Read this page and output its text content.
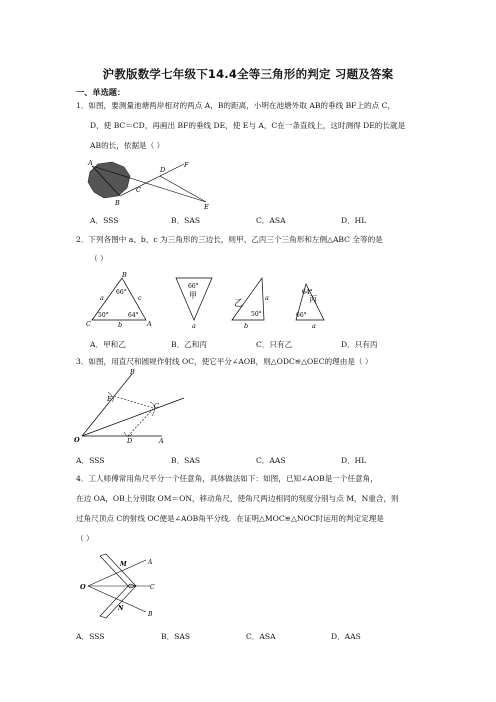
沪教版数学七年级下14.4全等三角形的判定 习题及答案
一、单选题：
1．如图，要测量池塘两岸相对的两点 A，B的距离，小明在池塘外取 AB的垂线 BF上的点 C，
D，使 BC＝CD，再画出 BF的垂线 DE，使 E与 A，C在一条直线上，这时测得 DE的长就是
AB的长，依据是（ ）
A
B
C
D
F
E
A．SSS	B．SAS	C．ASA	D．HL
2．下列各图中 a、b、c 为三角形的三边长，则甲、乙丙三个三角形和左侧△ABC 全等的是
（ ）
B
C	A
a	c
b
66°
50°	64°
66°
甲
a
乙
a
50°
b
64°
丙
66°
a
A．甲和乙	B．乙和丙	C．只有乙	D．只有丙
3．如图，用直尺和圆规作射线 OC，使它平分∠AOB，则△ODC≌△OEC的理由是（ ）
B
E
C
O	D	A
A．SSS	B．SAS	C．AAS	D．HL
4．工人师傅常用角尺平分一个任意角，具体做法如下：如图，已知∠AOB是一个任意角，
在边 OA，OB上分别取 OM＝ON，移动角尺，使角尺两边相同的刻度分别与点 M，N重合，则
过角尺顶点 C的射线 OC便是∠AOB角平分线．在证明△MOC≌△NOC时运用的判定定理是
（ ）
A
M
O	C
N
B
A．SSS	B．SAS	C．ASA	D．AAS
